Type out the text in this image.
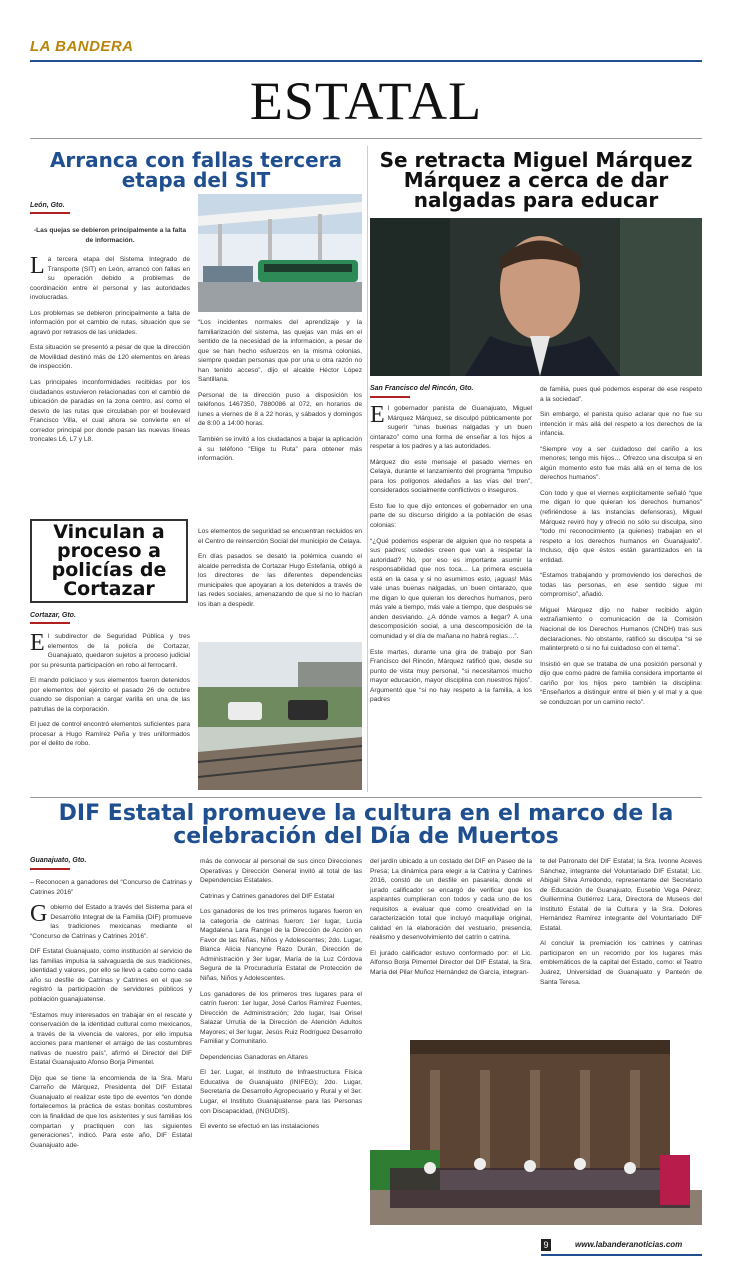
LA BANDERA
ESTATAL
Arranca con fallas tercera etapa del SIT
León, Gto.
-Las quejas se debieron principalmente a la falta de información.

La tercera etapa del Sistema Integrado de Transporte (SIT) en León, arrancó con fallas en su operación debido a problemas de coordinación entre el personal y las autoridades involucradas.

Los problemas se debieron principalmente a falta de información por el cambio de rutas, situación que se agravó por retrasos de las unidades.

Esta situación se presentó a pesar de que la dirección de Movilidad destinó más de 120 elementos en áreas de inspección.

Las principales inconformidades recibidas por los ciudadanos estuvieron relacionadas con el cambio de ubicación de paradas en la zona centro, así como el desvío de las rutas que circulaban por el boulevard Francisco Villa, el cual ahora se convierte en el corredor principal por donde pasan las nuevas líneas troncales L6, L7 y L8.

“Los incidentes normales del aprendizaje y la familiarización del sistema, las quejas van más en el sentido de la necesidad de la información, a pesar de que se han hecho esfuerzos en la misma colonias, siempre quedan personas que por una u otra razón no han tenido acceso”, dijo el alcalde Héctor López Santillana.

Personal de la dirección puso a disposición los teléfonos 1467350, 7880086 al 072, en horarios de lunes a viernes de 8 a 22 horas, y sábados y domingos de 8:00 a 14:00 horas.

También se invitó a los ciudadanos a bajar la aplicación a su teléfono “Elige tu Ruta” para obtener más información.

Vinculan a proceso a policías de Cortazar
Cortazar, Gto.

El subdirector de Seguridad Pública y tres elementos de la policía de Cortazar, Guanajuato, quedaron sujetos a proceso judicial por su presunta participación en robo al ferrocarril.

El mando policíaco y sus elementos fueron detenidos por elementos del ejército el pasado 26 de octubre cuando se disponían a cargar varilla en una de las patrullas de la corporación.

El juez de control encontró elementos suficientes para procesar a Hugo Ramírez Peña y tres uniformados por el delito de robo.

Los elementos de seguridad se encuentran recluidos en el Centro de reinserción Social del municipio de Celaya.

En días pasados se desató la polémica cuando el alcalde perredista de Cortazar Hugo Estefanía, obligó a los directores de las diferentes dependencias municipales que apoyaran a los detenidos a través de las redes sociales, amenazando de que si no lo hacían los iban a despedir.

Se retracta Miguel Márquez Márquez a cerca de dar nalgadas para educar
San Francisco del Rincón, Gto.

El gobernador panista de Guanajuato, Miguel Márquez Márquez, se disculpó públicamente por sugerir “unas buenas nalgadas y un buen cintarazo” como una forma de enseñar a los hijos a respetar a los padres y a las autoridades.

Márquez dio este mensaje el pasado viernes en Celaya, durante el lanzamiento del programa “Impulso para los polígonos aledaños a las vías del tren”, considerados socialmente conflictivos o inseguros.

Esto fue lo que dijo entonces el gobernador en una parte de su discurso dirigido a la población de esas colonias:

“¿Qué podemos esperar de alguien que no respeta a sus padres; ustedes creen que van a respetar la autoridad? No, por eso es importante asumir la responsabilidad que nos toca… La primera escuela está en la casa y si no asumimos esto, ¡aguas! Más vale unas buenas nalgadas, un buen cintarazo, que me digan lo que quieran los derechos humanos, pero más vale a tiempo, más vale a tiempo, que después se anden desviando. ¿A dónde vamos a llegar? A una descomposición social, a una descomposición de la comunidad y el día de mañana no habrá reglas…”.

Este martes, durante una gira de trabajo por San Francisco del Rincón, Márquez ratificó que, desde su punto de vista muy personal, “si necesitamos mucho mayor educación, mayor disciplina con nuestros hijos”. Argumentó que “si no hay respeto a la familia, a los padres

de familia, pues qué podemos esperar de ese respeto a la sociedad”.

Sin embargo, el panista quiso aclarar que no fue su intención ir más allá del respeto a los derechos de la infancia.

“Siempre voy a ser cuidadoso del cariño a los menores; tengo mis hijos… Ofrezco una disculpa si en algún momento esto fue más allá en el tema de los derechos humanos”.

Con todo y que el viernes explícitamente señaló “que me digan lo que quieran los derechos humanos” (refiriéndose a las instancias defensoras), Miguel Márquez reviró hoy y ofreció no sólo su disculpa, sino “todo mi reconocimiento (a quienes) trabajan en el respeto a los derechos humanos en Guanajuato”. Incluso, dijo que éstos están garantizados en la entidad.

“Estamos trabajando y promoviendo los derechos de todas las personas, en ese sentido sigue mi compromiso”, añadió.

Miguel Márquez dijo no haber recibido algún extrañamiento o comunicación de la Comisión Nacional de los Derechos Humanos (CNDH) tras sus declaraciones. No obstante, ratificó su disculpa “si se malinterpretó o si no fui cuidadoso con el tema”.

Insistió en que se trataba de una posición personal y dijo que como padre de familia considera importante el cariño por los hijos pero también la disciplina: “Enseñarlos a distinguir entre el bien y el mal y a que se conduzcan por un camino recto”.

DIF Estatal promueve la cultura en el marco de la celebración del Día de Muertos
Guanajuato, Gto.

– Reconocen a ganadores del “Concurso de Catrinas y Catrines 2016”

Gobierno del Estado a través del Sistema para el Desarrollo Integral de la Familia (DIF) promueve las tradiciones mexicanas mediante el “Concurso de Catrinas y Catrines 2016”.

DIF Estatal Guanajuato, como institución al servicio de las familias impulsa la salvaguarda de sus tradiciones, identidad y valores, por ello se llevó a cabo como cada año su desfile de Catrinas y Catrines en el que se registró la participación de servidores públicos y población guanajuatense.

“Estamos muy interesados en trabajar en el rescate y conservación de la identidad cultural como mexicanos, a través de la vivencia de valores, por ello impulsa acciones para mantener el arraigo de las costumbres nativas de nuestro país”, afirmó el Director del DIF Estatal Guanajuato Afonso Borja Pimentel.

Dijo que se tiene la encomienda de la Sra. Maru Carreño de Márquez, Presidenta del DIF Estatal Guanajuato el realizar este tipo de eventos “en donde fortalecemos la práctica de estas bonitas costumbres con la finalidad de que los asistentes y sus familias los compartan y practiquen con las siguientes generaciones”, indicó. Para este año, DIF Estatal Guanajuato ade-

más de convocar al personal de sus cinco Direcciones Operativas y Dirección General invitó al total de las Dependencias Estatales.

Catrinas y Catrines ganadores del DIF Estatal

Los ganadores de los tres primeros lugares fueron en la categoría de catrinas fueron: 1er lugar, Lucia Magdalena Lara Rangel de la Dirección de Acción en Favor de las Niñas, Niños y Adolescentes; 2do. Lugar, Blanca Alicia Nancyne Razo Durán, Dirección de Administración y 3er lugar, María de la Luz Córdova Segura de la Procuraduría Estatal de Protección de Niñas, Niños y Adolescentes.

Los ganadores de los primeros tres lugares para el catrín fueron: 1er lugar, José Carlos Ramírez Fuentes, Dirección de Administración; 2do lugar, Isai Orisel Salazar Urrutia de la Dirección de Atención Adultos Mayores; el 3er lugar, Jesús Ruiz Rodríguez Desarrollo Familiar y Comunitario.

Dependencias Ganadoras en Altares

El 1er. Lugar, el Instituto de Infraestructura Física Educativa de Guanajuato (INIFEG); 2do. Lugar, Secretaría de Desarrollo Agropecuario y Rural y el 3er. Lugar, el Instituto Guanajuatense para las Personas con Discapacidad, (INGUDIS).

El evento se efectuó en las instalaciones

del jardín ubicado a un costado del DIF en Paseo de la Presa; La dinámica para elegir a la Catrina y Catrines 2016, constó de un desfile en pasarela, donde el jurado calificador se encargó de verificar que los aspirantes cumplieran con todos y cada uno de los requisitos a evaluar que como creatividad en la caracterización total que incluyó maquillaje original, calidad en la elaboración del vestuario, presencia, realismo y desenvolvimiento del catrín o catrina.

El jurado calificador estuvo conformado por: el Lic. Alfonso Borja Pimentel Director del DIF Estatal, la Sra. María del Pilar Muñoz Hernández de García, integran-

te del Patronato del DIF Estatal; la Sra. Ivonne Aceves Sánchez, integrante del Voluntariado DIF Estatal; Lic. Abigail Silva Arredondo, representante del Secretario de Educación de Guanajuato, Eusebio Vega Pérez; Guillermina Gutiérrez Lara, Directora de Museos del Instituto Estatal de la Cultura y la Sra. Dolores Hernández Ramírez integrante del Voluntariado DIF Estatal.

Al concluir la premiación los catrines y catrinas participaron en un recorrido por los lugares más emblemáticos de la capital del Estado, como: el Teatro Juárez, Universidad de Guanajuato y Panteón de Santa Teresa.

9	www.labanderanoticias.com
